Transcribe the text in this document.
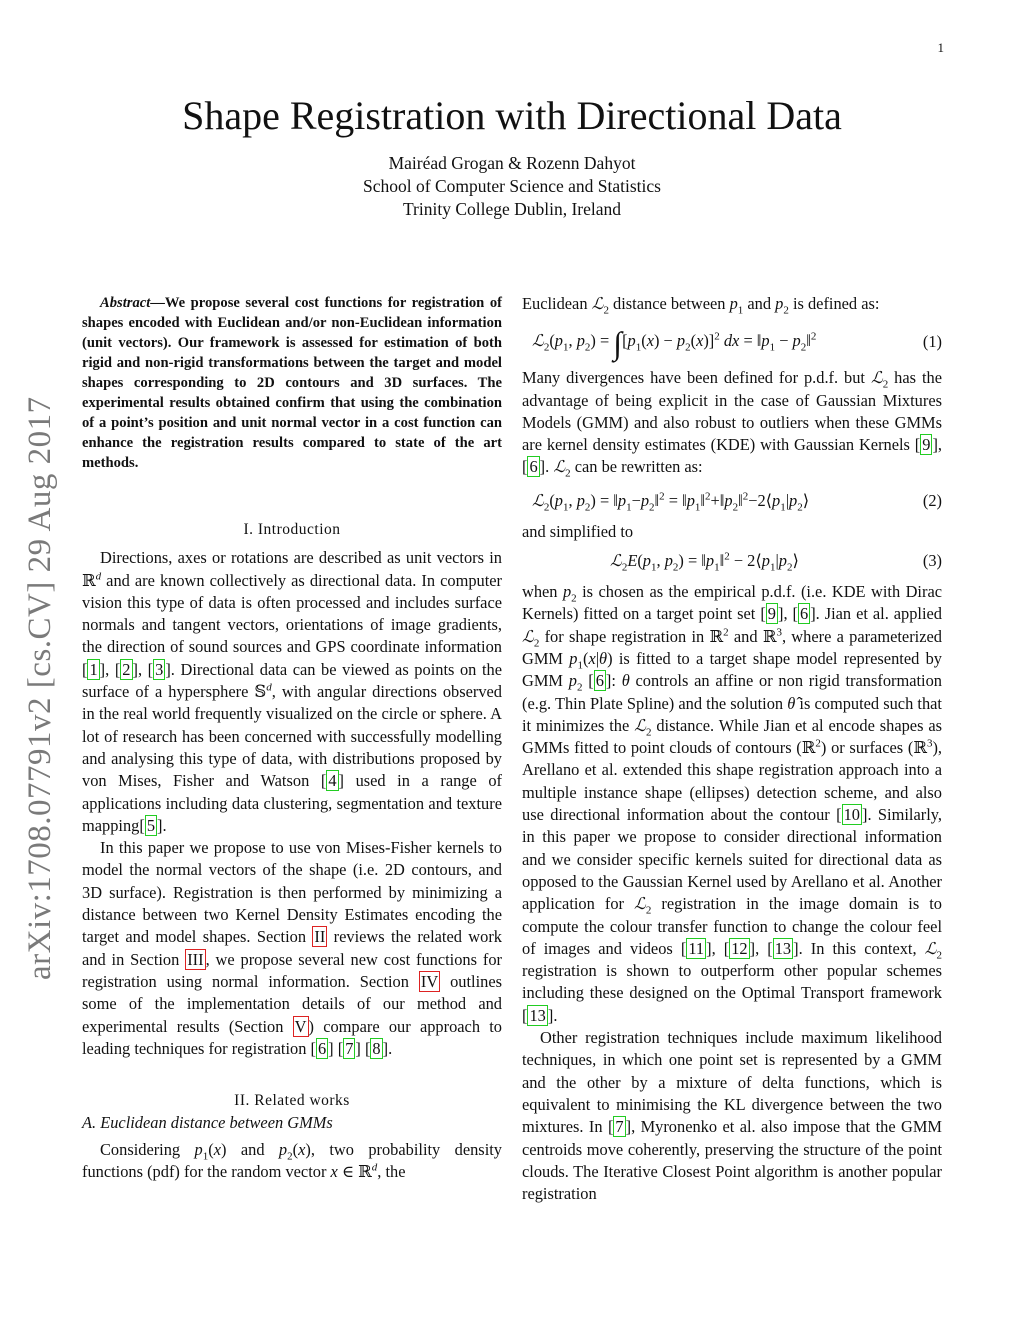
1
arXiv:1708.07791v2 [cs.CV] 29 Aug 2017
Shape Registration with Directional Data
Mairéad Grogan & Rozenn Dahyot
School of Computer Science and Statistics
Trinity College Dublin, Ireland

Abstract—We propose several cost functions for registration of shapes encoded with Euclidean and/or non-Euclidean information (unit vectors). Our framework is assessed for estimation of both rigid and non-rigid transformations between the target and model shapes corresponding to 2D contours and 3D surfaces. The experimental results obtained confirm that using the combination of a point’s position and unit normal vector in a cost function can enhance the registration results compared to state of the art methods.

I. Introduction

Directions, axes or rotations are described as unit vectors in ℝ$^d$ and are known collectively as directional data. In computer vision this type of data is often processed and includes surface normals and tangent vectors, orientations of image gradients, the direction of sound sources and GPS coordinate information [ 1 ], [ 2 ], [ 3 ]. Directional data can be viewed as points on the surface of a hypersphere 𝕊$^d$, with angular directions observed in the real world frequently visualized on the circle or sphere. A lot of research has been concerned with successfully modelling and analysing this type of data, with distributions proposed by von Mises, Fisher and Watson [ 4 ] used in a range of applications including data clustering, segmentation and texture mapping[ 5 ].

In this paper we propose to use von Mises-Fisher kernels to model the normal vectors of the shape (i.e. 2D contours, and 3D surface). Registration is then performed by minimizing a distance between two Kernel Density Estimates encoding the target and model shapes. Section II reviews the related work and in Section III , we propose several new cost functions for registration using normal information. Section IV outlines some of the implementation details of our method and experimental results (Section V ) compare our approach to leading techniques for registration [ 6 ] [ 7 ] [ 8 ].

II. Related works

A. Euclidean distance between GMMs

Considering $p_1(x)$ and $p_2(x)$, two probability density functions (pdf) for the random vector x ∈ ℝ$^d$, the

Euclidean ℒ$_2$ distance between $p_1$ and $p_2$ is defined as:

$ℒ_2(p_1$, $p_2) = \int[p_1(x) - p_2(x)]^2$ dx = $‖p_1$ − $p_2‖^2$	(1)

Many divergences have been defined for p.d.f. but ℒ$_2$ has the advantage of being explicit in the case of Gaussian Mixtures Models (GMM) and also robust to outliers when these GMMs are kernel density estimates (KDE) with Gaussian Kernels [ 9 ], [ 6 ]. ℒ$_2$ can be rewritten as:

$ℒ_2(p_1$, $p_2$) = $‖p_1-p_2‖^2$ = $‖p_1‖^2+‖p_2‖^2-2⟨p_1|p_2⟩$	(2)

and simplified to

$ℒ_2E(p_1$, $p_2$) = $‖p_1‖^2$ − $2⟨p_1|p_2⟩$	(3)

when $p_2$ is chosen as the empirical p.d.f. (i.e. KDE with Dirac Kernels) fitted on a target point set [ 9 ], [ 6 ]. Jian et al. applied ℒ$_2$ for shape registration in ℝ$^2$ and ℝ$^3$, where a parameterized GMM $p_1(x|\theta)$ is fitted to a target shape model represented by GMM $p_2$ [ 6 ]: θ controls an affine or non rigid transformation (e.g. Thin Plate Spline) and the solution θ̂ is computed such that it minimizes the ℒ$_2$ distance. While Jian et al encode shapes as GMMs fitted to point clouds of contours (ℝ$^2$) or surfaces (ℝ$^3$), Arellano et al. extended this shape registration approach into a multiple instance shape (ellipses) detection scheme, and also use directional information about the contour [ 10 ]. Similarly, in this paper we propose to consider directional information and we consider specific kernels suited for directional data as opposed to the Gaussian Kernel used by Arellano et al. Another application for ℒ$_2$ registration in the image domain is to compute the colour transfer function to change the colour feel of images and videos [ 11 ], [ 12 ], [ 13 ]. In this context, ℒ$_2$ registration is shown to outperform other popular schemes including these designed on the Optimal Transport framework [ 13 ].

Other registration techniques include maximum likelihood techniques, in which one point set is represented by a GMM and the other by a mixture of delta functions, which is equivalent to minimising the KL divergence between the two mixtures. In [ 7 ], Myronenko et al. also impose that the GMM centroids move coherently, preserving the structure of the point clouds. The Iterative Closest Point algorithm is another popular registration
